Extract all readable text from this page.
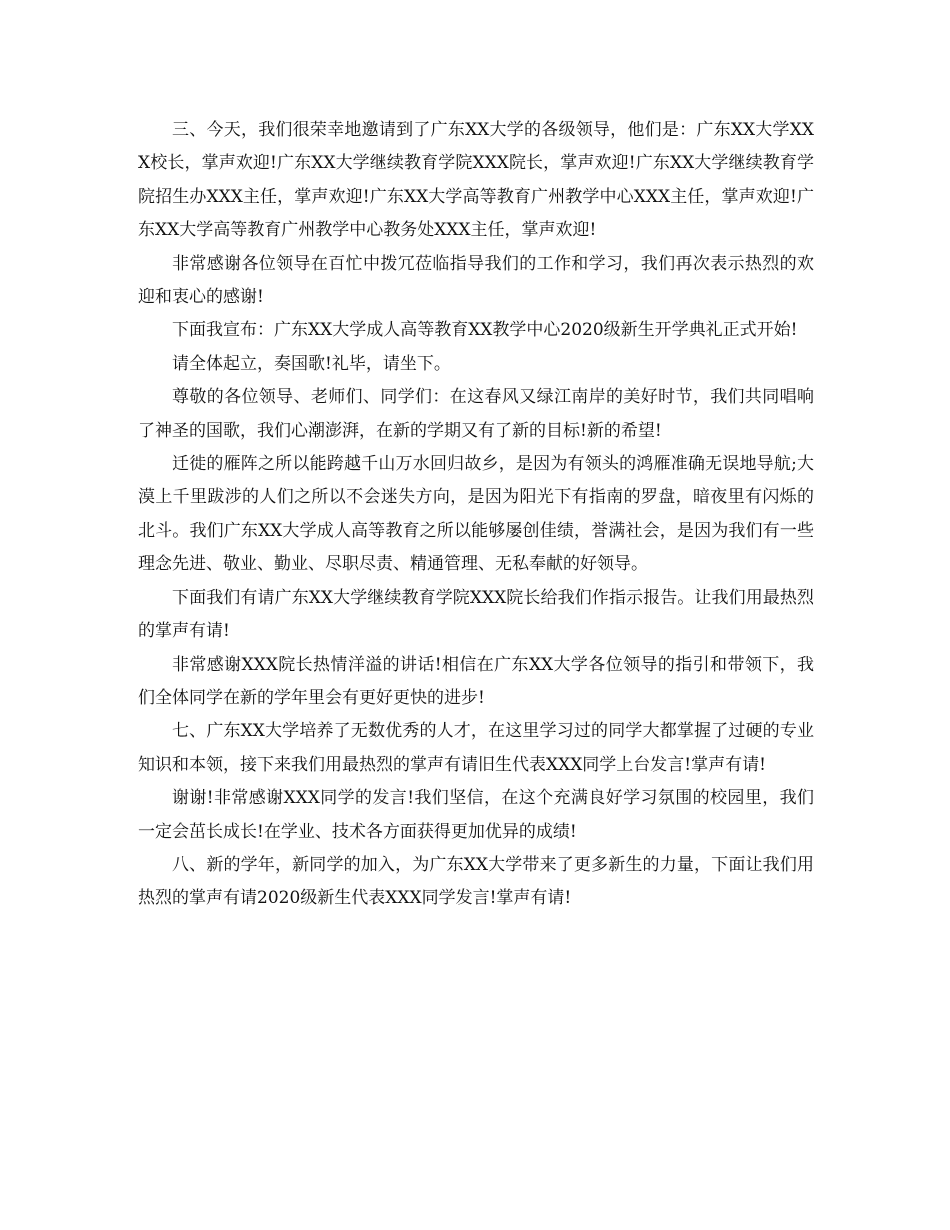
三、今天，我们很荣幸地邀请到了广东XX大学的各级领导，他们是：广东XX大学XXX校长，掌声欢迎!广东XX大学继续教育学院XXX院长，掌声欢迎!广东XX大学继续教育学院招生办XXX主任，掌声欢迎!广东XX大学高等教育广州教学中心XXX主任，掌声欢迎!广东XX大学高等教育广州教学中心教务处XXX主任，掌声欢迎!

非常感谢各位领导在百忙中拨冗莅临指导我们的工作和学习，我们再次表示热烈的欢迎和衷心的感谢!

下面我宣布：广东XX大学成人高等教育XX教学中心2020级新生开学典礼正式开始!

请全体起立，奏国歌!礼毕，请坐下。

尊敬的各位领导、老师们、同学们：在这春风又绿江南岸的美好时节，我们共同唱响了神圣的国歌，我们心潮澎湃，在新的学期又有了新的目标!新的希望!

迁徙的雁阵之所以能跨越千山万水回归故乡，是因为有领头的鸿雁准确无误地导航;大漠上千里跋涉的人们之所以不会迷失方向，是因为阳光下有指南的罗盘，暗夜里有闪烁的北斗。我们广东XX大学成人高等教育之所以能够屡创佳绩，誉满社会，是因为我们有一些理念先进、敬业、勤业、尽职尽责、精通管理、无私奉献的好领导。

下面我们有请广东XX大学继续教育学院XXX院长给我们作指示报告。让我们用最热烈的掌声有请!

非常感谢XXX院长热情洋溢的讲话!相信在广东XX大学各位领导的指引和带领下，我们全体同学在新的学年里会有更好更快的进步!

七、广东XX大学培养了无数优秀的人才，在这里学习过的同学大都掌握了过硬的专业知识和本领，接下来我们用最热烈的掌声有请旧生代表XXX同学上台发言!掌声有请!

谢谢!非常感谢XXX同学的发言!我们坚信，在这个充满良好学习氛围的校园里，我们一定会茁长成长!在学业、技术各方面获得更加优异的成绩!

八、新的学年，新同学的加入，为广东XX大学带来了更多新生的力量，下面让我们用热烈的掌声有请2020级新生代表XXX同学发言!掌声有请!
